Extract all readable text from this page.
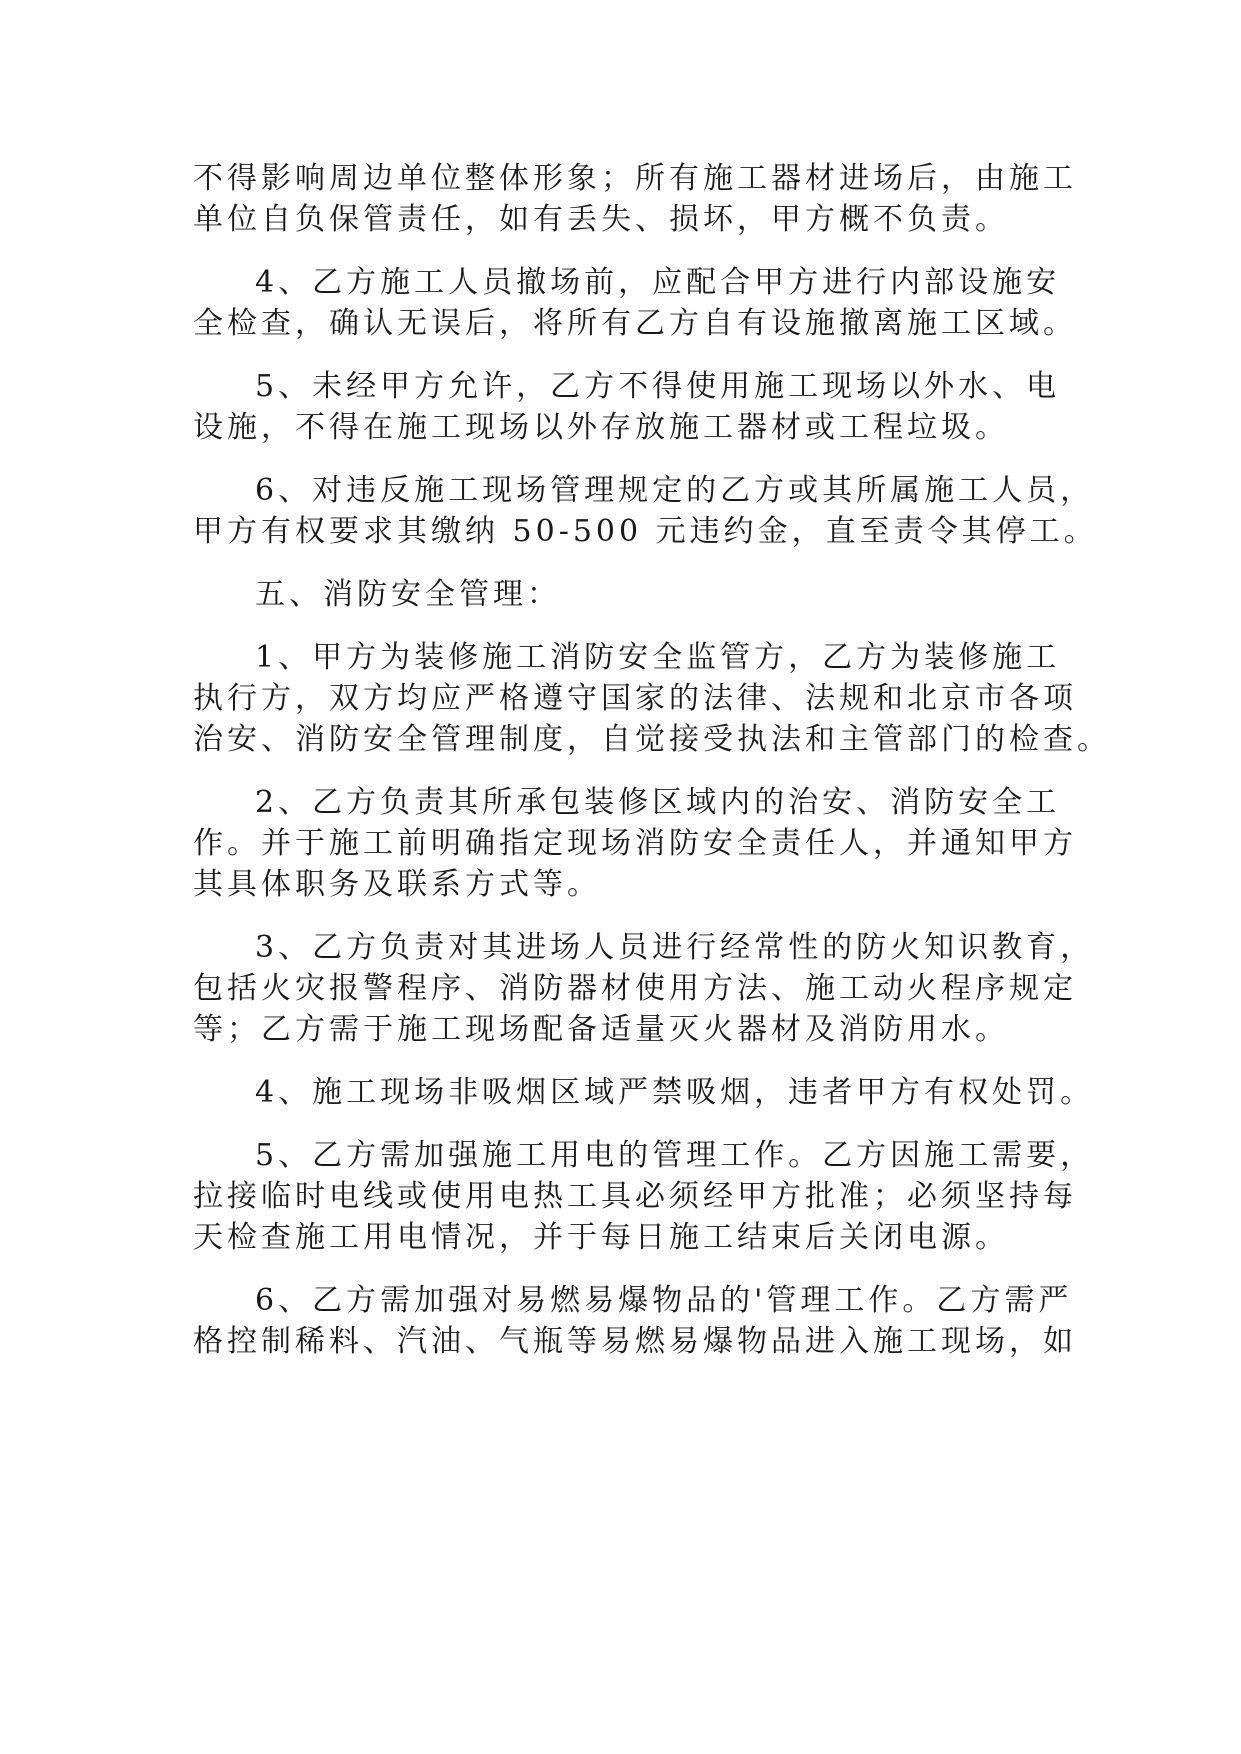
不得影响周边单位整体形象；所有施工器材进场后，由施工
单位自负保管责任，如有丢失、损坏，甲方概不负责。
4、乙方施工人员撤场前，应配合甲方进行内部设施安
全检查，确认无误后，将所有乙方自有设施撤离施工区域。
5、未经甲方允许，乙方不得使用施工现场以外水、电
设施，不得在施工现场以外存放施工器材或工程垃圾。
6、对违反施工现场管理规定的乙方或其所属施工人员，
甲方有权要求其缴纳 50-500 元违约金，直至责令其停工。
五、消防安全管理：
1、甲方为装修施工消防安全监管方，乙方为装修施工
执行方，双方均应严格遵守国家的法律、法规和北京市各项
治安、消防安全管理制度，自觉接受执法和主管部门的检查。
2、乙方负责其所承包装修区域内的治安、消防安全工
作。并于施工前明确指定现场消防安全责任人，并通知甲方
其具体职务及联系方式等。
3、乙方负责对其进场人员进行经常性的防火知识教育，
包括火灾报警程序、消防器材使用方法、施工动火程序规定
等；乙方需于施工现场配备适量灭火器材及消防用水。
4、施工现场非吸烟区域严禁吸烟，违者甲方有权处罚。
5、乙方需加强施工用电的管理工作。乙方因施工需要，
拉接临时电线或使用电热工具必须经甲方批准；必须坚持每
天检查施工用电情况，并于每日施工结束后关闭电源。
6、乙方需加强对易燃易爆物品的'管理工作。乙方需严
格控制稀料、汽油、气瓶等易燃易爆物品进入施工现场，如
